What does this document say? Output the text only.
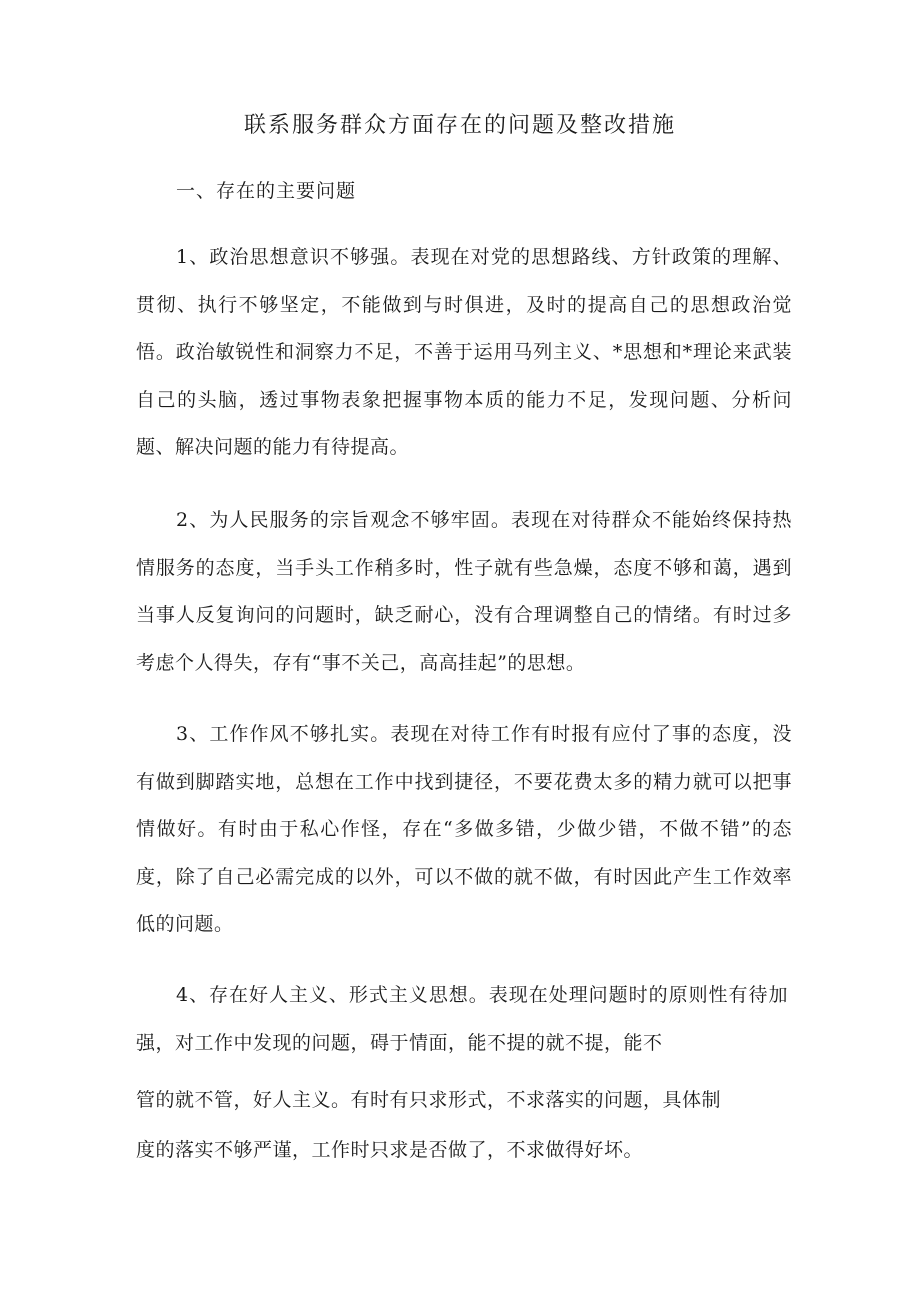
联系服务群众方面存在的问题及整改措施
一、存在的主要问题

1、政治思想意识不够强。表现在对党的思想路线、方针政策的理解、贯彻、执行不够坚定，不能做到与时俱进，及时的提高自己的思想政治觉悟。政治敏锐性和洞察力不足，不善于运用马列主义、*思想和*理论来武装自己的头脑，透过事物表象把握事物本质的能力不足，发现问题、分析问题、解决问题的能力有待提高。

2、为人民服务的宗旨观念不够牢固。表现在对待群众不能始终保持热情服务的态度，当手头工作稍多时，性子就有些急燥，态度不够和蔼，遇到当事人反复询问的问题时，缺乏耐心，没有合理调整自己的情绪。有时过多考虑个人得失，存有“事不关己，高高挂起”的思想。

3、工作作风不够扎实。表现在对待工作有时报有应付了事的态度，没有做到脚踏实地，总想在工作中找到捷径，不要花费太多的精力就可以把事情做好。有时由于私心作怪，存在“多做多错，少做少错，不做不错”的态度，除了自己必需完成的以外，可以不做的就不做，有时因此产生工作效率低的问题。

4、存在好人主义、形式主义思想。表现在处理问题时的原则性有待加强，对工作中发现的问题，碍于情面，能不提的就不提，能不

管的就不管，好人主义。有时有只求形式，不求落实的问题，具体制

度的落实不够严谨，工作时只求是否做了，不求做得好坏。
